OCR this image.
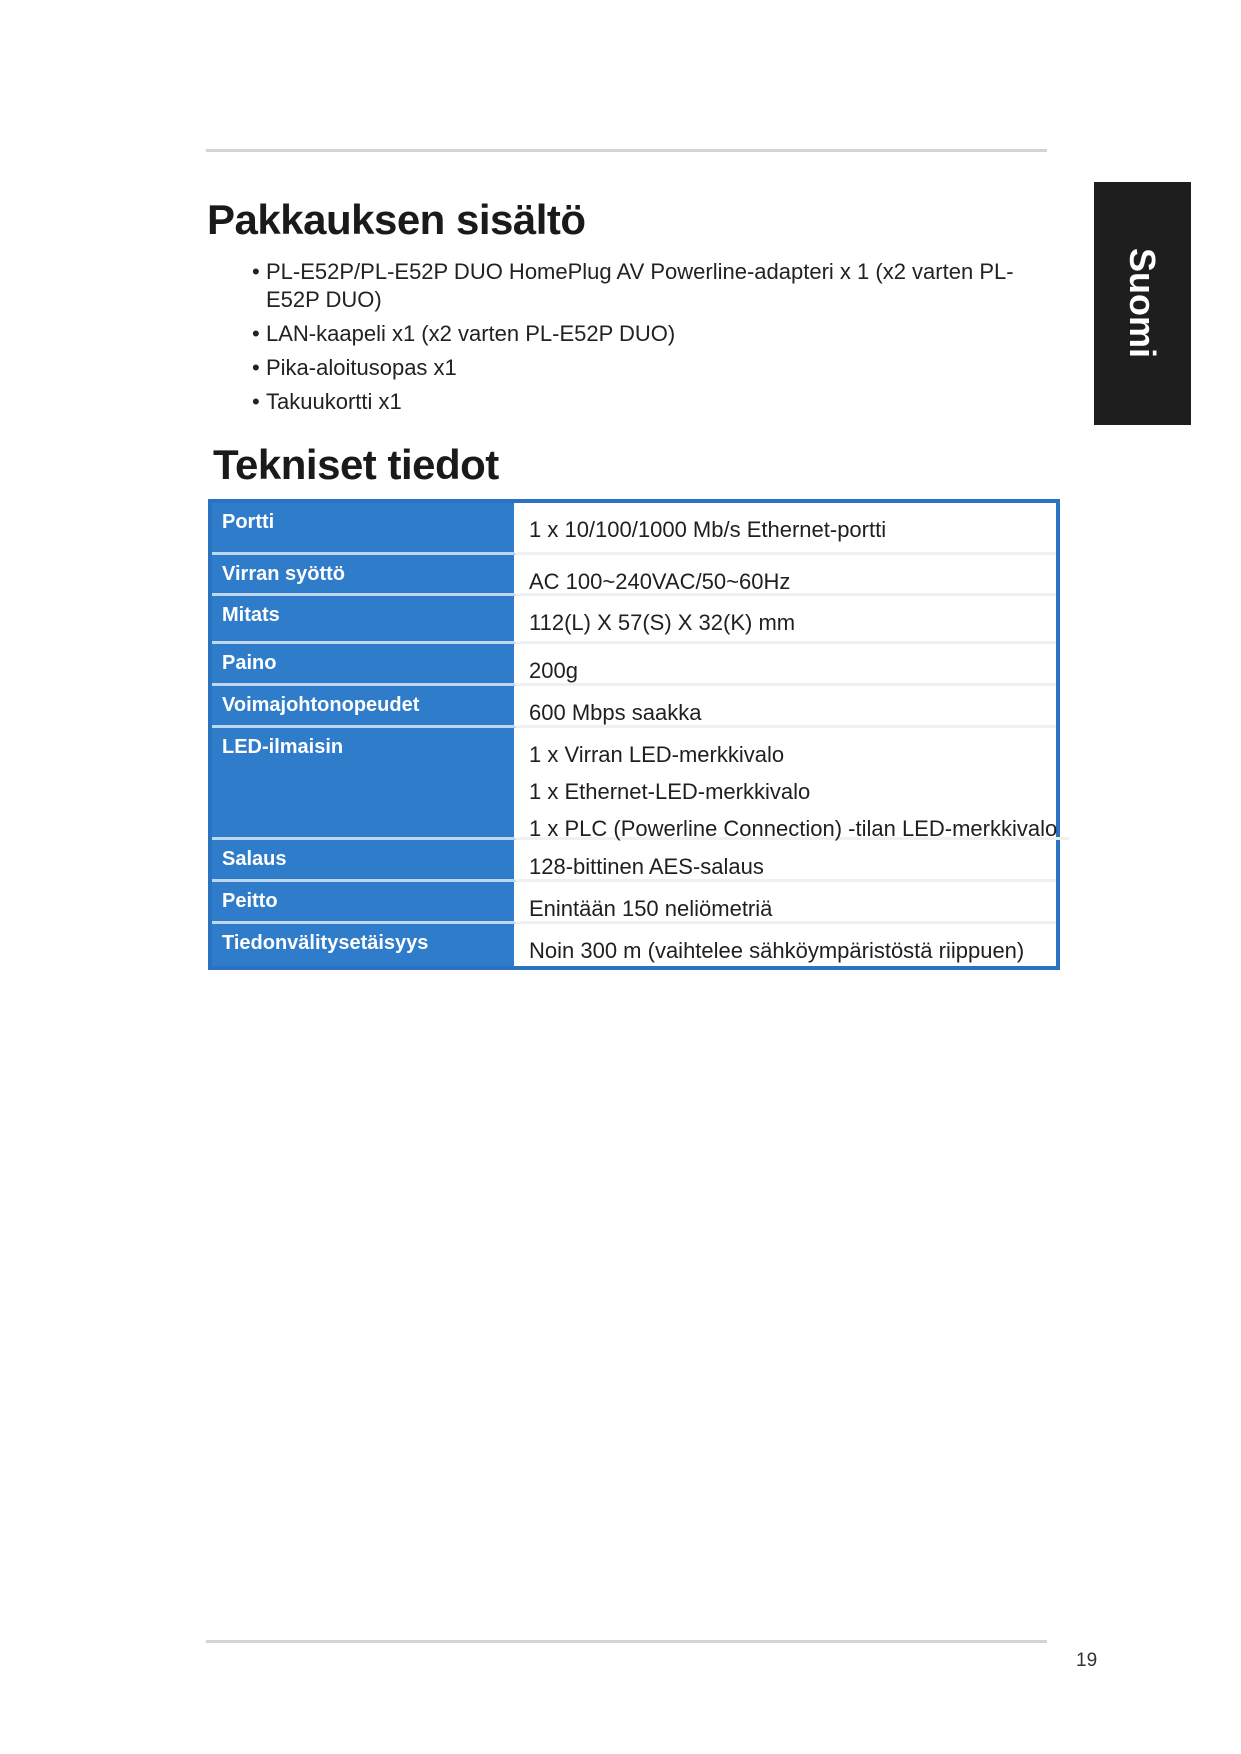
Suomi
Pakkauksen sisältö
• PL-E52P/PL-E52P DUO HomePlug AV Powerline-adapteri x 1 (x2 varten PL-E52P DUO)
• LAN-kaapeli x1 (x2 varten PL-E52P DUO)
• Pika-aloitusopas x1
• Takuukortti x1
Tekniset tiedot
Portti	1 x 10/100/1000 Mb/s Ethernet-portti
Virran syöttö	AC 100~240VAC/50~60Hz
Mitats	112(L) X 57(S) X 32(K) mm
Paino	200g
Voimajohtonopeudet	600 Mbps saakka
LED-ilmaisin	1 x Virran LED-merkkivalo
1 x Ethernet-LED-merkkivalo
1 x PLC (Powerline Connection) -tilan LED-merkkivalo
Salaus	128-bittinen AES-salaus
Peitto	Enintään 150 neliömetriä
Tiedonvälitysetäisyys	Noin 300 m (vaihtelee sähköympäristöstä riippuen)
19
